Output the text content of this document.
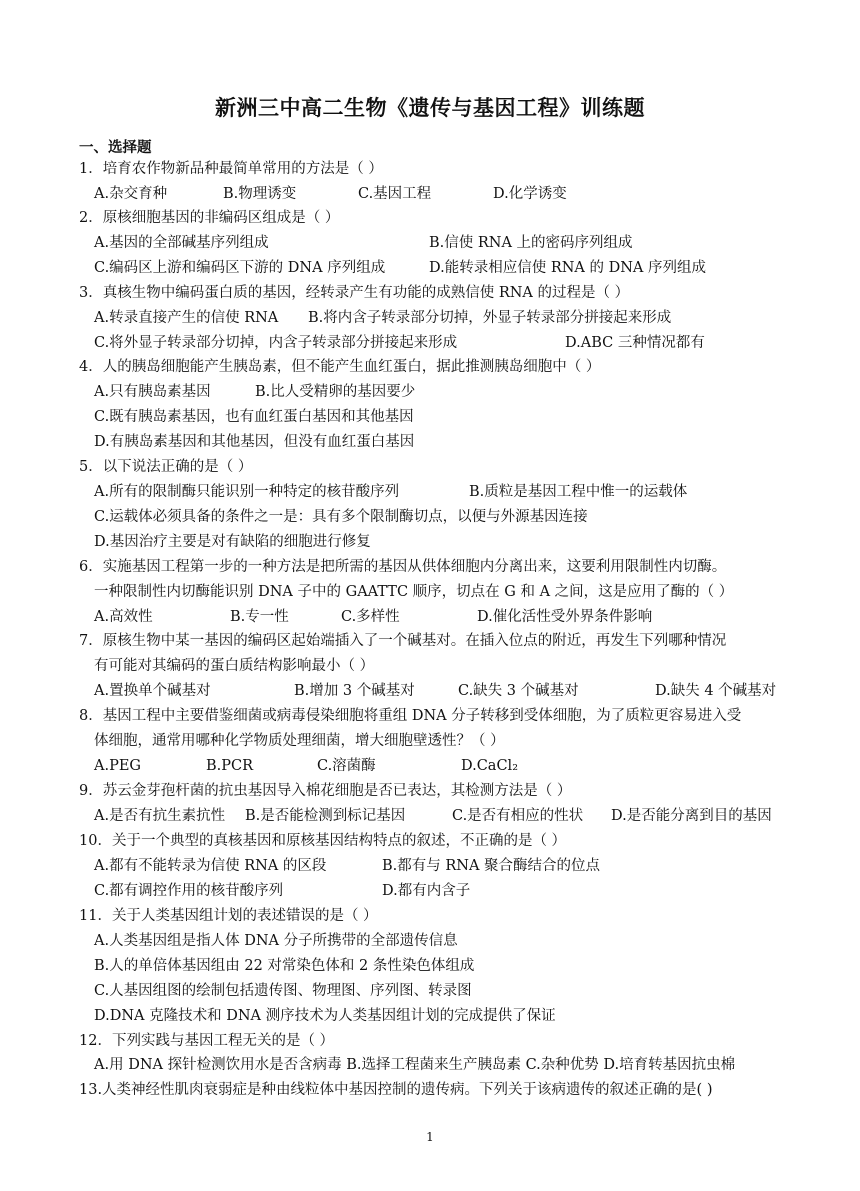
新洲三中高二生物《遗传与基因工程》训练题
一、选择题
1．培育农作物新品种最简单常用的方法是（ ）
A.杂交育种	B.物理诱变	C.基因工程	D.化学诱变
2．原核细胞基因的非编码区组成是（ ）
A.基因的全部碱基序列组成	B.信使 RNA 上的密码序列组成
C.编码区上游和编码区下游的 DNA 序列组成	D.能转录相应信使 RNA 的 DNA 序列组成
3．真核生物中编码蛋白质的基因，经转录产生有功能的成熟信使 RNA 的过程是（ ）
A.转录直接产生的信使 RNA B.将内含子转录部分切掉，外显子转录部分拼接起来形成
C.将外显子转录部分切掉，内含子转录部分拼接起来形成	D.ABC 三种情况都有
4．人的胰岛细胞能产生胰岛素，但不能产生血红蛋白，据此推测胰岛细胞中（ ）
A.只有胰岛素基因	B.比人受精卵的基因要少
C.既有胰岛素基因，也有血红蛋白基因和其他基因
D.有胰岛素基因和其他基因，但没有血红蛋白基因
5．以下说法正确的是（ ）
A.所有的限制酶只能识别一种特定的核苷酸序列	B.质粒是基因工程中惟一的运载体
C.运载体必须具备的条件之一是：具有多个限制酶切点，以便与外源基因连接
D.基因治疗主要是对有缺陷的细胞进行修复
6．实施基因工程第一步的一种方法是把所需的基因从供体细胞内分离出来，这要利用限制性内切酶。
一种限制性内切酶能识别 DNA 子中的 GAATTC 顺序，切点在 G 和 A 之间，这是应用了酶的（ ）
A.高效性	B.专一性	C.多样性	D.催化活性受外界条件影响
7．原核生物中某一基因的编码区起始端插入了一个碱基对。在插入位点的附近，再发生下列哪种情况
有可能对其编码的蛋白质结构影响最小（ ）
A.置换单个碱基对	B.增加 3 个碱基对	C.缺失 3 个碱基对	D.缺失 4 个碱基对
8．基因工程中主要借鉴细菌或病毒侵染细胞将重组 DNA 分子转移到受体细胞，为了质粒更容易进入受
体细胞，通常用哪种化学物质处理细菌，增大细胞壁透性？（ ）
A.PEG	B.PCR	C.溶菌酶	D.CaCl₂
9．苏云金芽孢杆菌的抗虫基因导入棉花细胞是否已表达，其检测方法是（ ）
A.是否有抗生素抗性 B.是否能检测到标记基因	C.是否有相应的性状 D.是否能分离到目的基因
10．关于一个典型的真核基因和原核基因结构特点的叙述，不正确的是（ ）
A.都有不能转录为信使 RNA 的区段	B.都有与 RNA 聚合酶结合的位点
C.都有调控作用的核苷酸序列	D.都有内含子
11．关于人类基因组计划的表述错误的是（ ）
A.人类基因组是指人体 DNA 分子所携带的全部遗传信息
B.人的单倍体基因组由 22 对常染色体和 2 条性染色体组成
C.人基因组图的绘制包括遗传图、物理图、序列图、转录图
D.DNA 克隆技术和 DNA 测序技术为人类基因组计划的完成提供了保证
12．下列实践与基因工程无关的是（ ）
A.用 DNA 探针检测饮用水是否含病毒 B.选择工程菌来生产胰岛素 C.杂种优势 D.培育转基因抗虫棉
13.人类神经性肌肉衰弱症是种由线粒体中基因控制的遗传病。下列关于该病遗传的叙述正确的是( )
1
